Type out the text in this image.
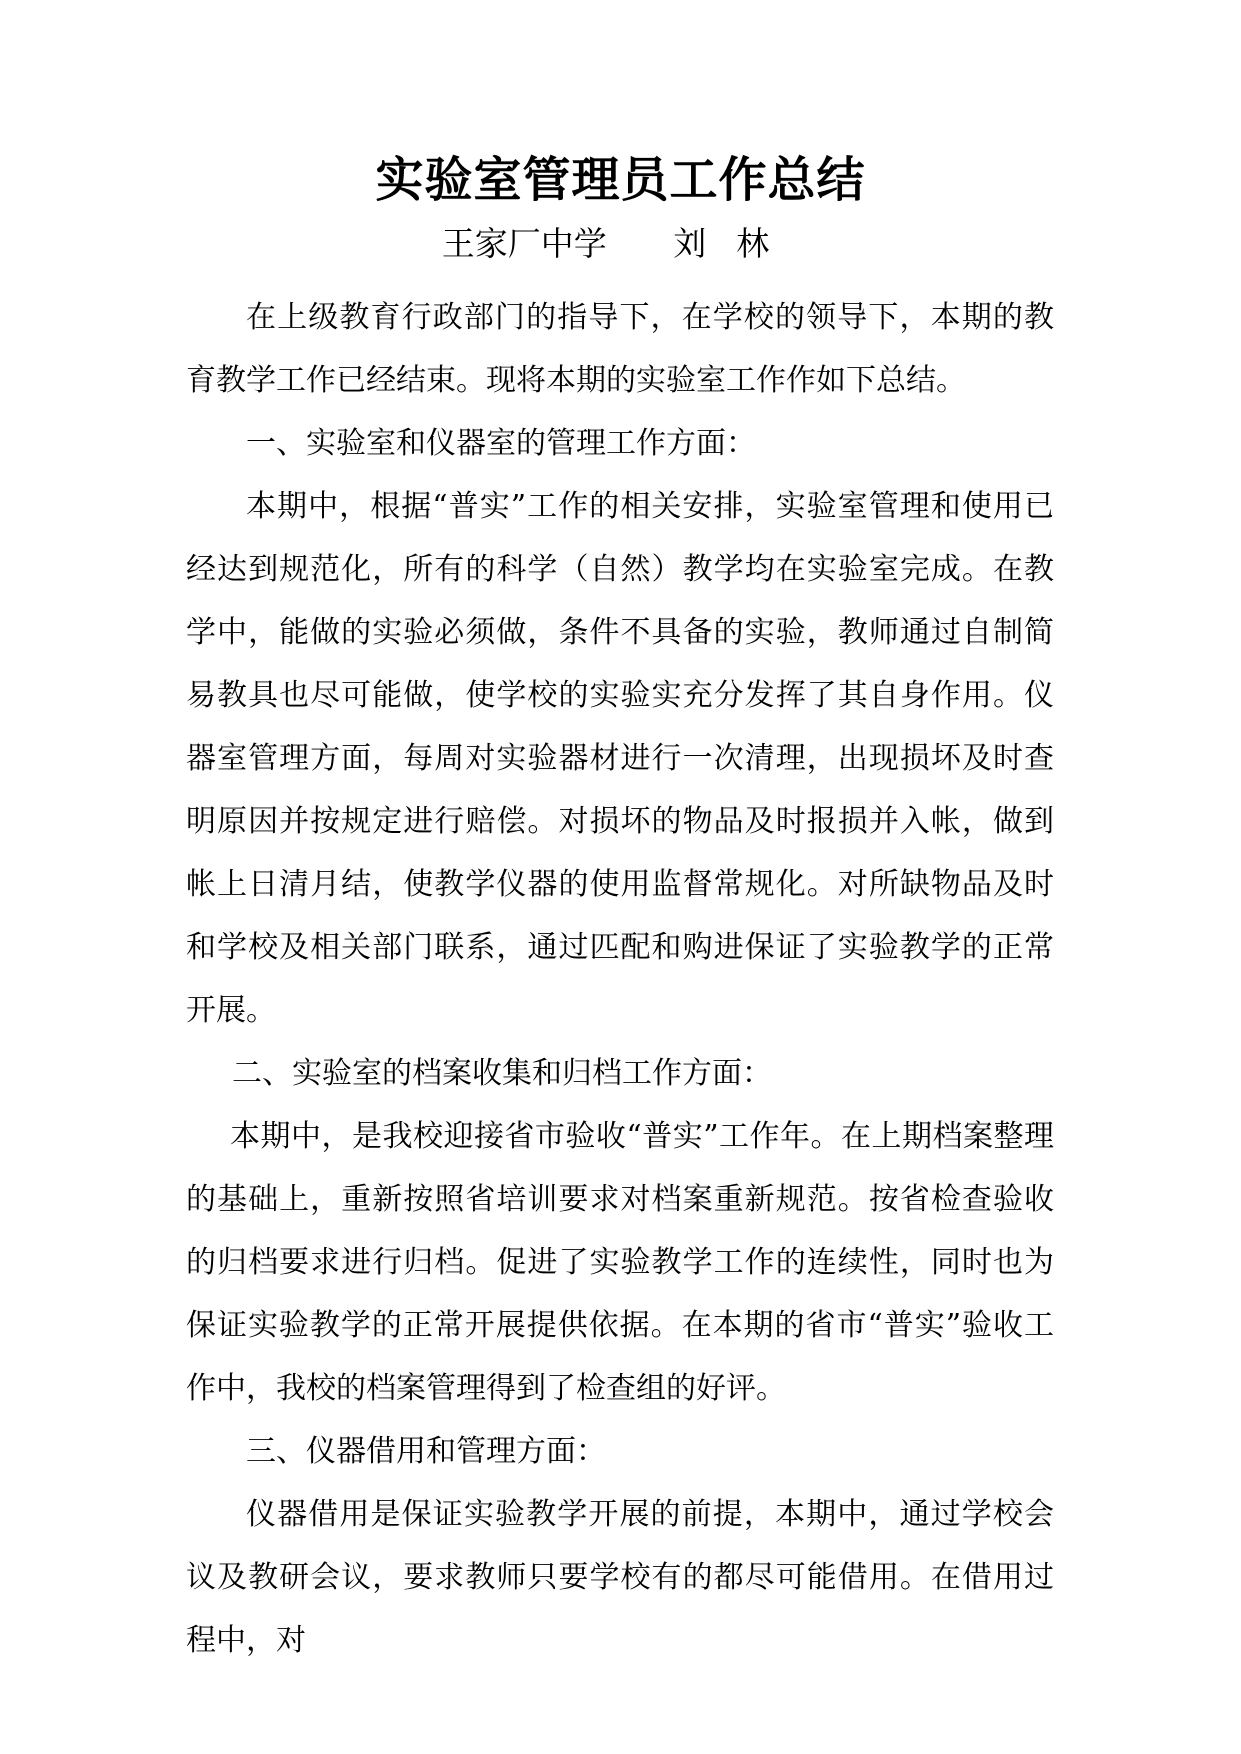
实验室管理员工作总结
王家厂中学 刘林

在上级教育行政部门的指导下，在学校的领导下，本期的教育教学工作已经结束。现将本期的实验室工作作如下总结。

一、实验室和仪器室的管理工作方面：

本期中，根据“普实”工作的相关安排，实验室管理和使用已经达到规范化，所有的科学（自然）教学均在实验室完成。在教学中，能做的实验必须做，条件不具备的实验，教师通过自制简易教具也尽可能做，使学校的实验实充分发挥了其自身作用。仪器室管理方面，每周对实验器材进行一次清理，出现损坏及时查明原因并按规定进行赔偿。对损坏的物品及时报损并入帐，做到帐上日清月结，使教学仪器的使用监督常规化。对所缺物品及时和学校及相关部门联系，通过匹配和购进保证了实验教学的正常开展。

二、实验室的档案收集和归档工作方面：

本期中，是我校迎接省市验收“普实”工作年。在上期档案整理的基础上，重新按照省培训要求对档案重新规范。按省检查验收的归档要求进行归档。促进了实验教学工作的连续性，同时也为保证实验教学的正常开展提供依据。在本期的省市“普实”验收工作中，我校的档案管理得到了检查组的好评。

三、仪器借用和管理方面：

仪器借用是保证实验教学开展的前提，本期中，通过学校会议及教研会议，要求教师只要学校有的都尽可能借用。在借用过程中，对
